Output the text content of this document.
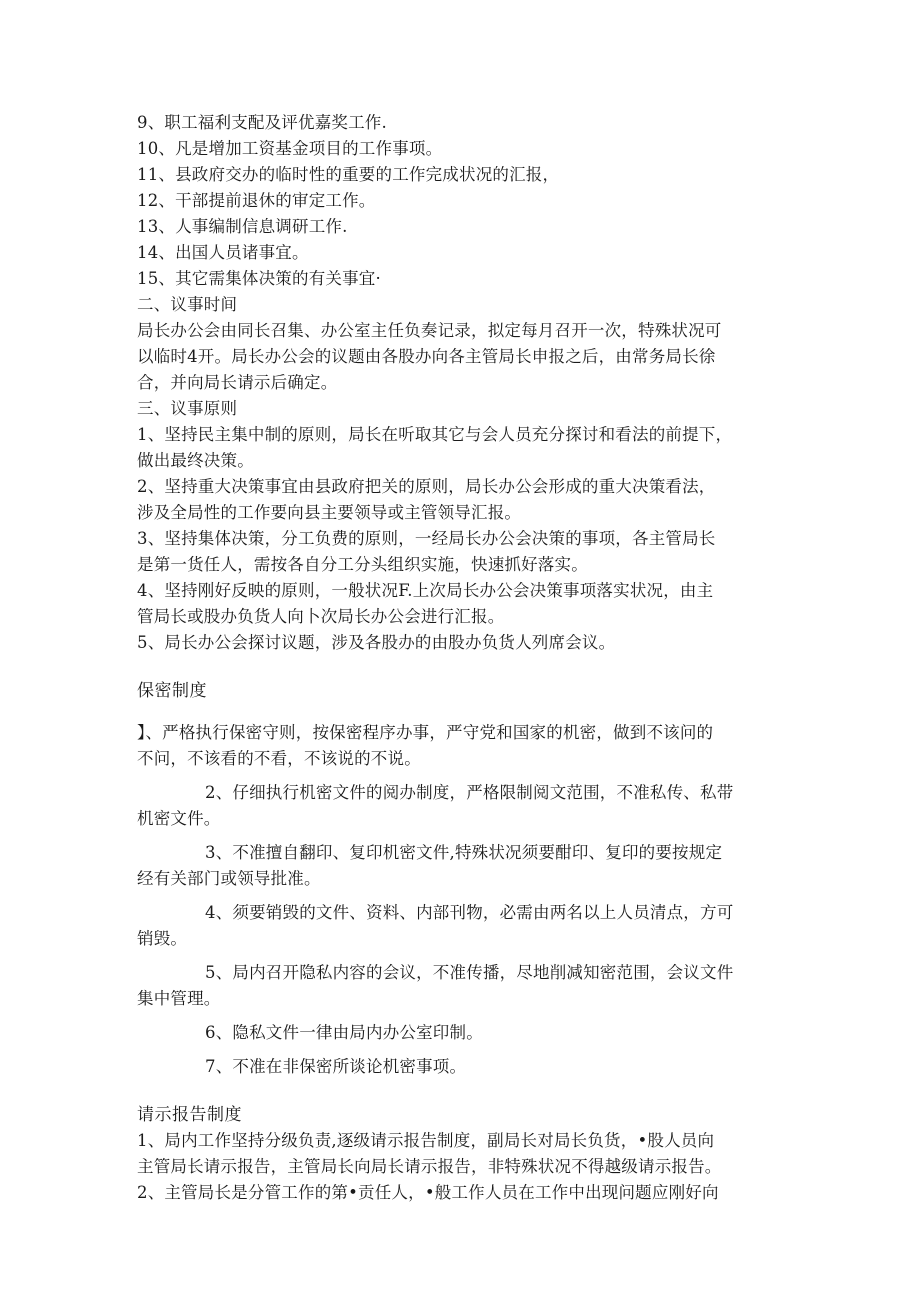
9、职工福利支配及评优嘉奖工作.
10、凡是增加工资基金项目的工作事项。
11、县政府交办的临时性的重要的工作完成状况的汇报，
12、干部提前退休的审定工作。
13、人事编制信息调研工作.
14、出国人员诸事宜。
15、其它需集体决策的有关事宜·
二、议事时间
局长办公会由同长召集、办公室主任负奏记录，拟定每月召开一次，特殊状况可
以临时4开。局长办公会的议题由各股办向各主管局长申报之后，由常务局长徐
合，并向局长请示后确定。
三、议事原则
1、坚持民主集中制的原则，局长在听取其它与会人员充分探讨和看法的前提下，
做出最终决策。
2、坚持重大决策事宜由县政府把关的原则，局长办公会形成的重大决策看法，
涉及全局性的工作要向县主要领导或主管领导汇报。
3、坚持集体决策，分工负费的原则，一经局长办公会决策的事项，各主管局长
是第一货任人，需按各自分工分头组织实施，快速抓好落实。
4、坚持刚好反映的原则，一般状况F.上次局长办公会决策事项落实状况，由主
管局长或股办负货人向卜次局长办公会进行汇报。
5、局长办公会探讨议题，涉及各股办的由股办负货人列席会议。
保密制度
】、严格执行保密守则，按保密程序办事，严守党和国家的机密，做到不该问的
不问，不该看的不看，不该说的不说。
2、仔细执行机密文件的阅办制度，严格限制阅文范围，不准私传、私带
机密文件。
3、不准擅自翻印、复印机密文件,特殊状况须要酣印、复印的要按规定
经有关部门或领导批准。
4、须要销毁的文件、资料、内部刊物，必需由两名以上人员清点，方可
销毁。
5、局内召开隐私内容的会议，不准传播，尽地削减知密范围，会议文件
集中管理。
6、隐私文件一律由局内办公室印制。
7、不准在非保密所谈论机密事项。
请示报告制度
1、局内工作坚持分级负责,逐级请示报告制度，副局长对局长负货，•股人员向
主管局长请示报告，主管局长向局长请示报告，非特殊状况不得越级请示报告。
2、主管局长是分管工作的第•贡任人，•般工作人员在工作中出现问题应刚好向
